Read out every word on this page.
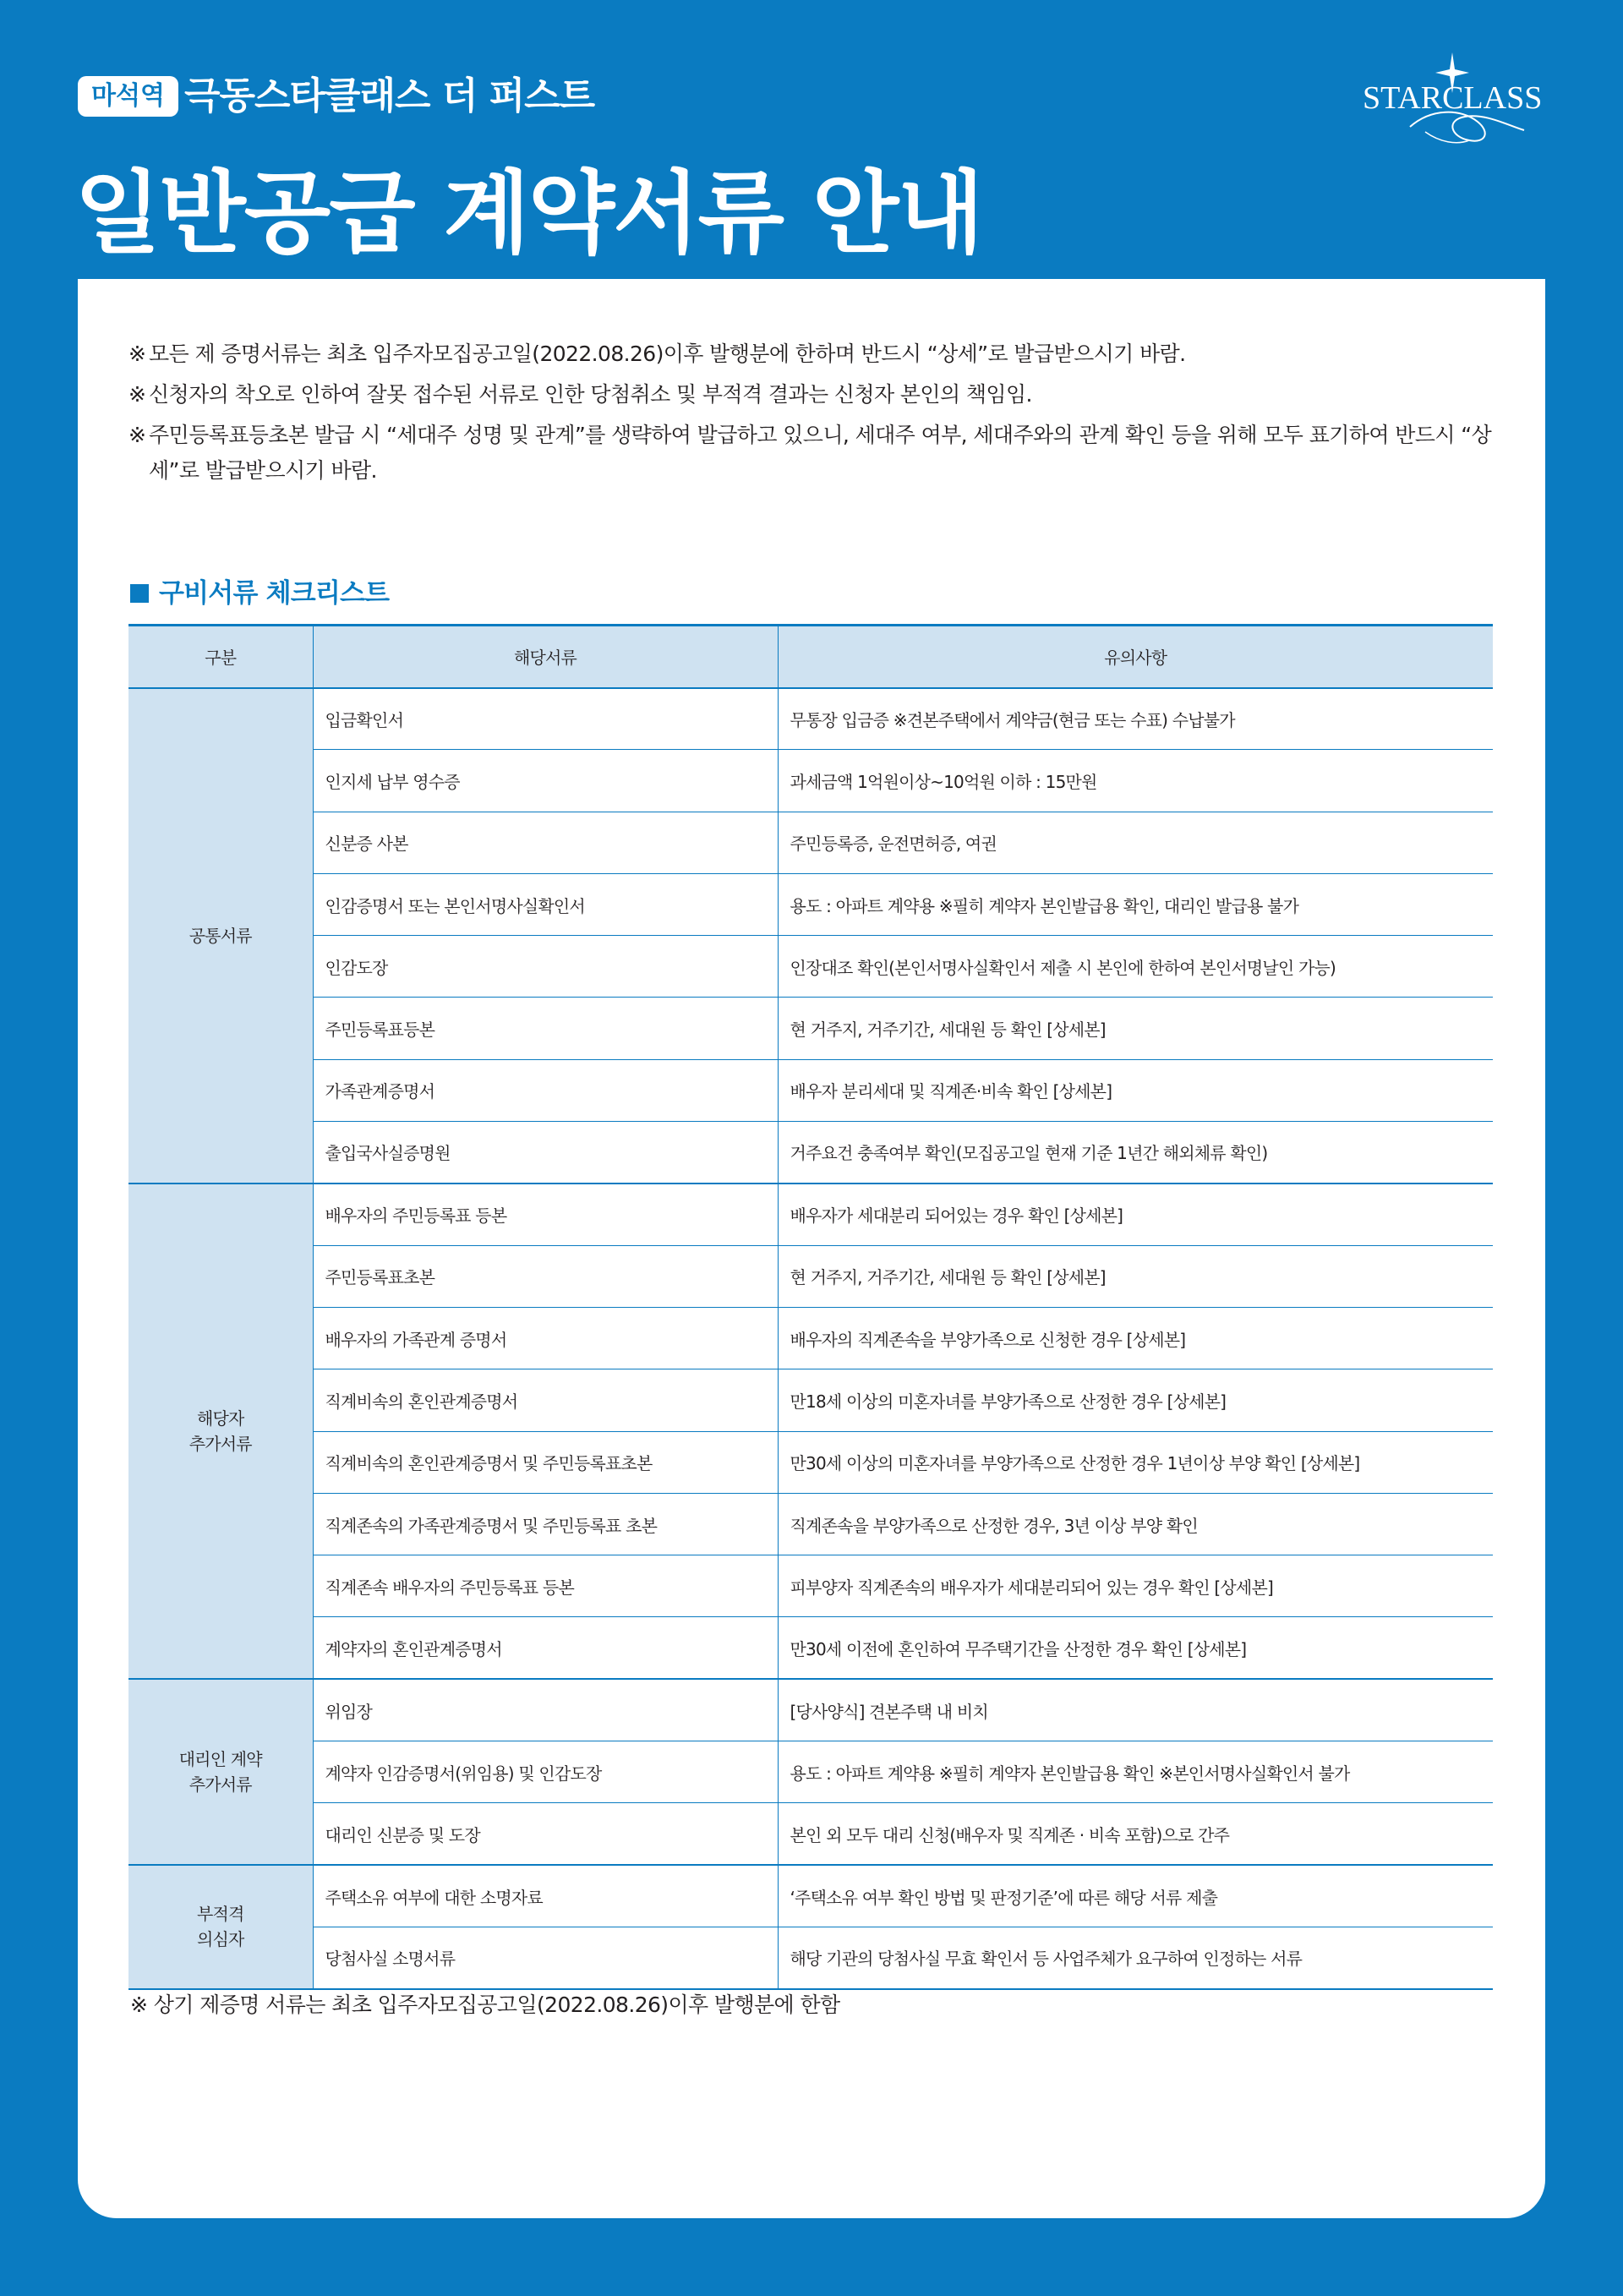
마석역 극동스타클래스 더 퍼스트
일반공급 계약서류 안내
STARCLASS
※ 모든 제 증명서류는 최초 입주자모집공고일(2022.08.26)이후 발행분에 한하며 반드시 “상세”로 발급받으시기 바람.
※ 신청자의 착오로 인하여 잘못 접수된 서류로 인한 당첨취소 및 부적격 결과는 신청자 본인의 책임임.
※ 주민등록표등초본 발급 시 “세대주 성명 및 관계”를 생략하여 발급하고 있으니, 세대주 여부, 세대주와의 관계 확인 등을 위해 모두 표기하여 반드시 “상세”로 발급받으시기 바람.
구비서류 체크리스트
구분	해당서류	유의사항

공통서류	입금확인서	무통장 입금증 ※견본주택에서 계약금(현금 또는 수표) 수납불가
	인지세 납부 영수증	과세금액 1억원이상~10억원 이하 : 15만원
	신분증 사본	주민등록증, 운전면허증, 여권
	인감증명서 또는 본인서명사실확인서	용도 : 아파트 계약용 ※필히 계약자 본인발급용 확인, 대리인 발급용 불가
	인감도장	인장대조 확인(본인서명사실확인서 제출 시 본인에 한하여 본인서명날인 가능)
	주민등록표등본	현 거주지, 거주기간, 세대원 등 확인 [상세본]
	가족관계증명서	배우자 분리세대 및 직계존·비속 확인 [상세본]
	출입국사실증명원	거주요건 충족여부 확인(모집공고일 현재 기준 1년간 해외체류 확인)

해당자
추가서류	배우자의 주민등록표 등본	배우자가 세대분리 되어있는 경우 확인 [상세본]
	주민등록표초본	현 거주지, 거주기간, 세대원 등 확인 [상세본]
	배우자의 가족관계 증명서	배우자의 직계존속을 부양가족으로 신청한 경우 [상세본]
	직계비속의 혼인관계증명서	만18세 이상의 미혼자녀를 부양가족으로 산정한 경우 [상세본]
	직계비속의 혼인관계증명서 및 주민등록표초본	만30세 이상의 미혼자녀를 부양가족으로 산정한 경우 1년이상 부양 확인 [상세본]
	직계존속의 가족관계증명서 및 주민등록표 초본	직계존속을 부양가족으로 산정한 경우, 3년 이상 부양 확인
	직계존속 배우자의 주민등록표 등본	피부양자 직계존속의 배우자가 세대분리되어 있는 경우 확인 [상세본]
	계약자의 혼인관계증명서	만30세 이전에 혼인하여 무주택기간을 산정한 경우 확인 [상세본]

대리인 계약
추가서류	위임장	[당사양식] 견본주택 내 비치
	계약자 인감증명서(위임용) 및 인감도장	용도 : 아파트 계약용 ※필히 계약자 본인발급용 확인 ※본인서명사실확인서 불가
	대리인 신분증 및 도장	본인 외 모두 대리 신청(배우자 및 직계존 · 비속 포함)으로 간주

부적격
의심자	주택소유 여부에 대한 소명자료	‘주택소유 여부 확인 방법 및 판정기준’에 따른 해당 서류 제출
	당첨사실 소명서류	해당 기관의 당첨사실 무효 확인서 등 사업주체가 요구하여 인정하는 서류
※ 상기 제증명 서류는 최초 입주자모집공고일(2022.08.26)이후 발행분에 한함
